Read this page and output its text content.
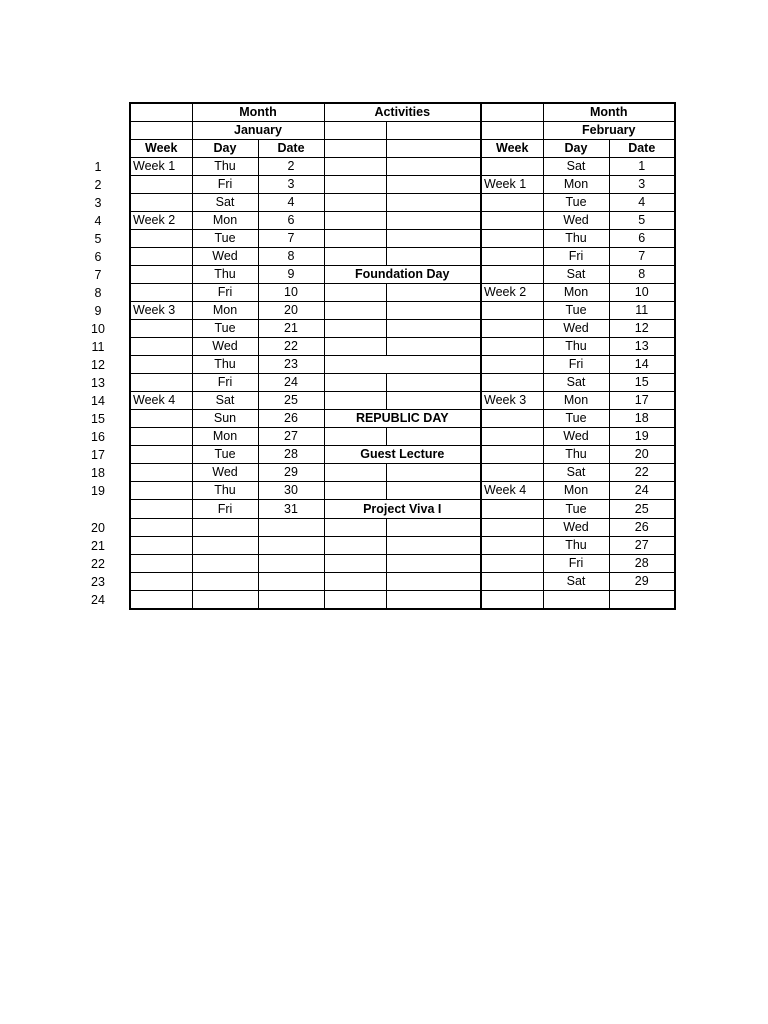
1
2
3
4
5
6
7
8
9
10
11
12
13
14
15
16
17
18
19
20
21
22
23
24
	Month		Activities			Month	
	January					February	
Week	Day	Date			Week	Day	Date
Week 1	Thu	2				Sat	1
	Fri	3			Week 1	Mon	3
	Sat	4				Tue	4
Week 2	Mon	6				Wed	5
	Tue	7				Thu	6
	Wed	8				Fri	7
	Thu	9	Foundation Day			Sat	8
	Fri	10			Week 2	Mon	10
Week 3	Mon	20				Tue	11
	Tue	21				Wed	12
	Wed	22				Thu	13
	Thu	23				Fri	14
	Fri	24				Sat	15
Week 4	Sat	25			Week 3	Mon	17
	Sun	26	REPUBLIC DAY			Tue	18
	Mon	27				Wed	19
	Tue	28	Guest Lecture			Thu	20
	Wed	29				Sat	22
	Thu	30			Week 4	Mon	24
	Fri	31	Project Viva I			Tue	25
						Wed	26
						Thu	27
						Fri	28
						Sat	29
